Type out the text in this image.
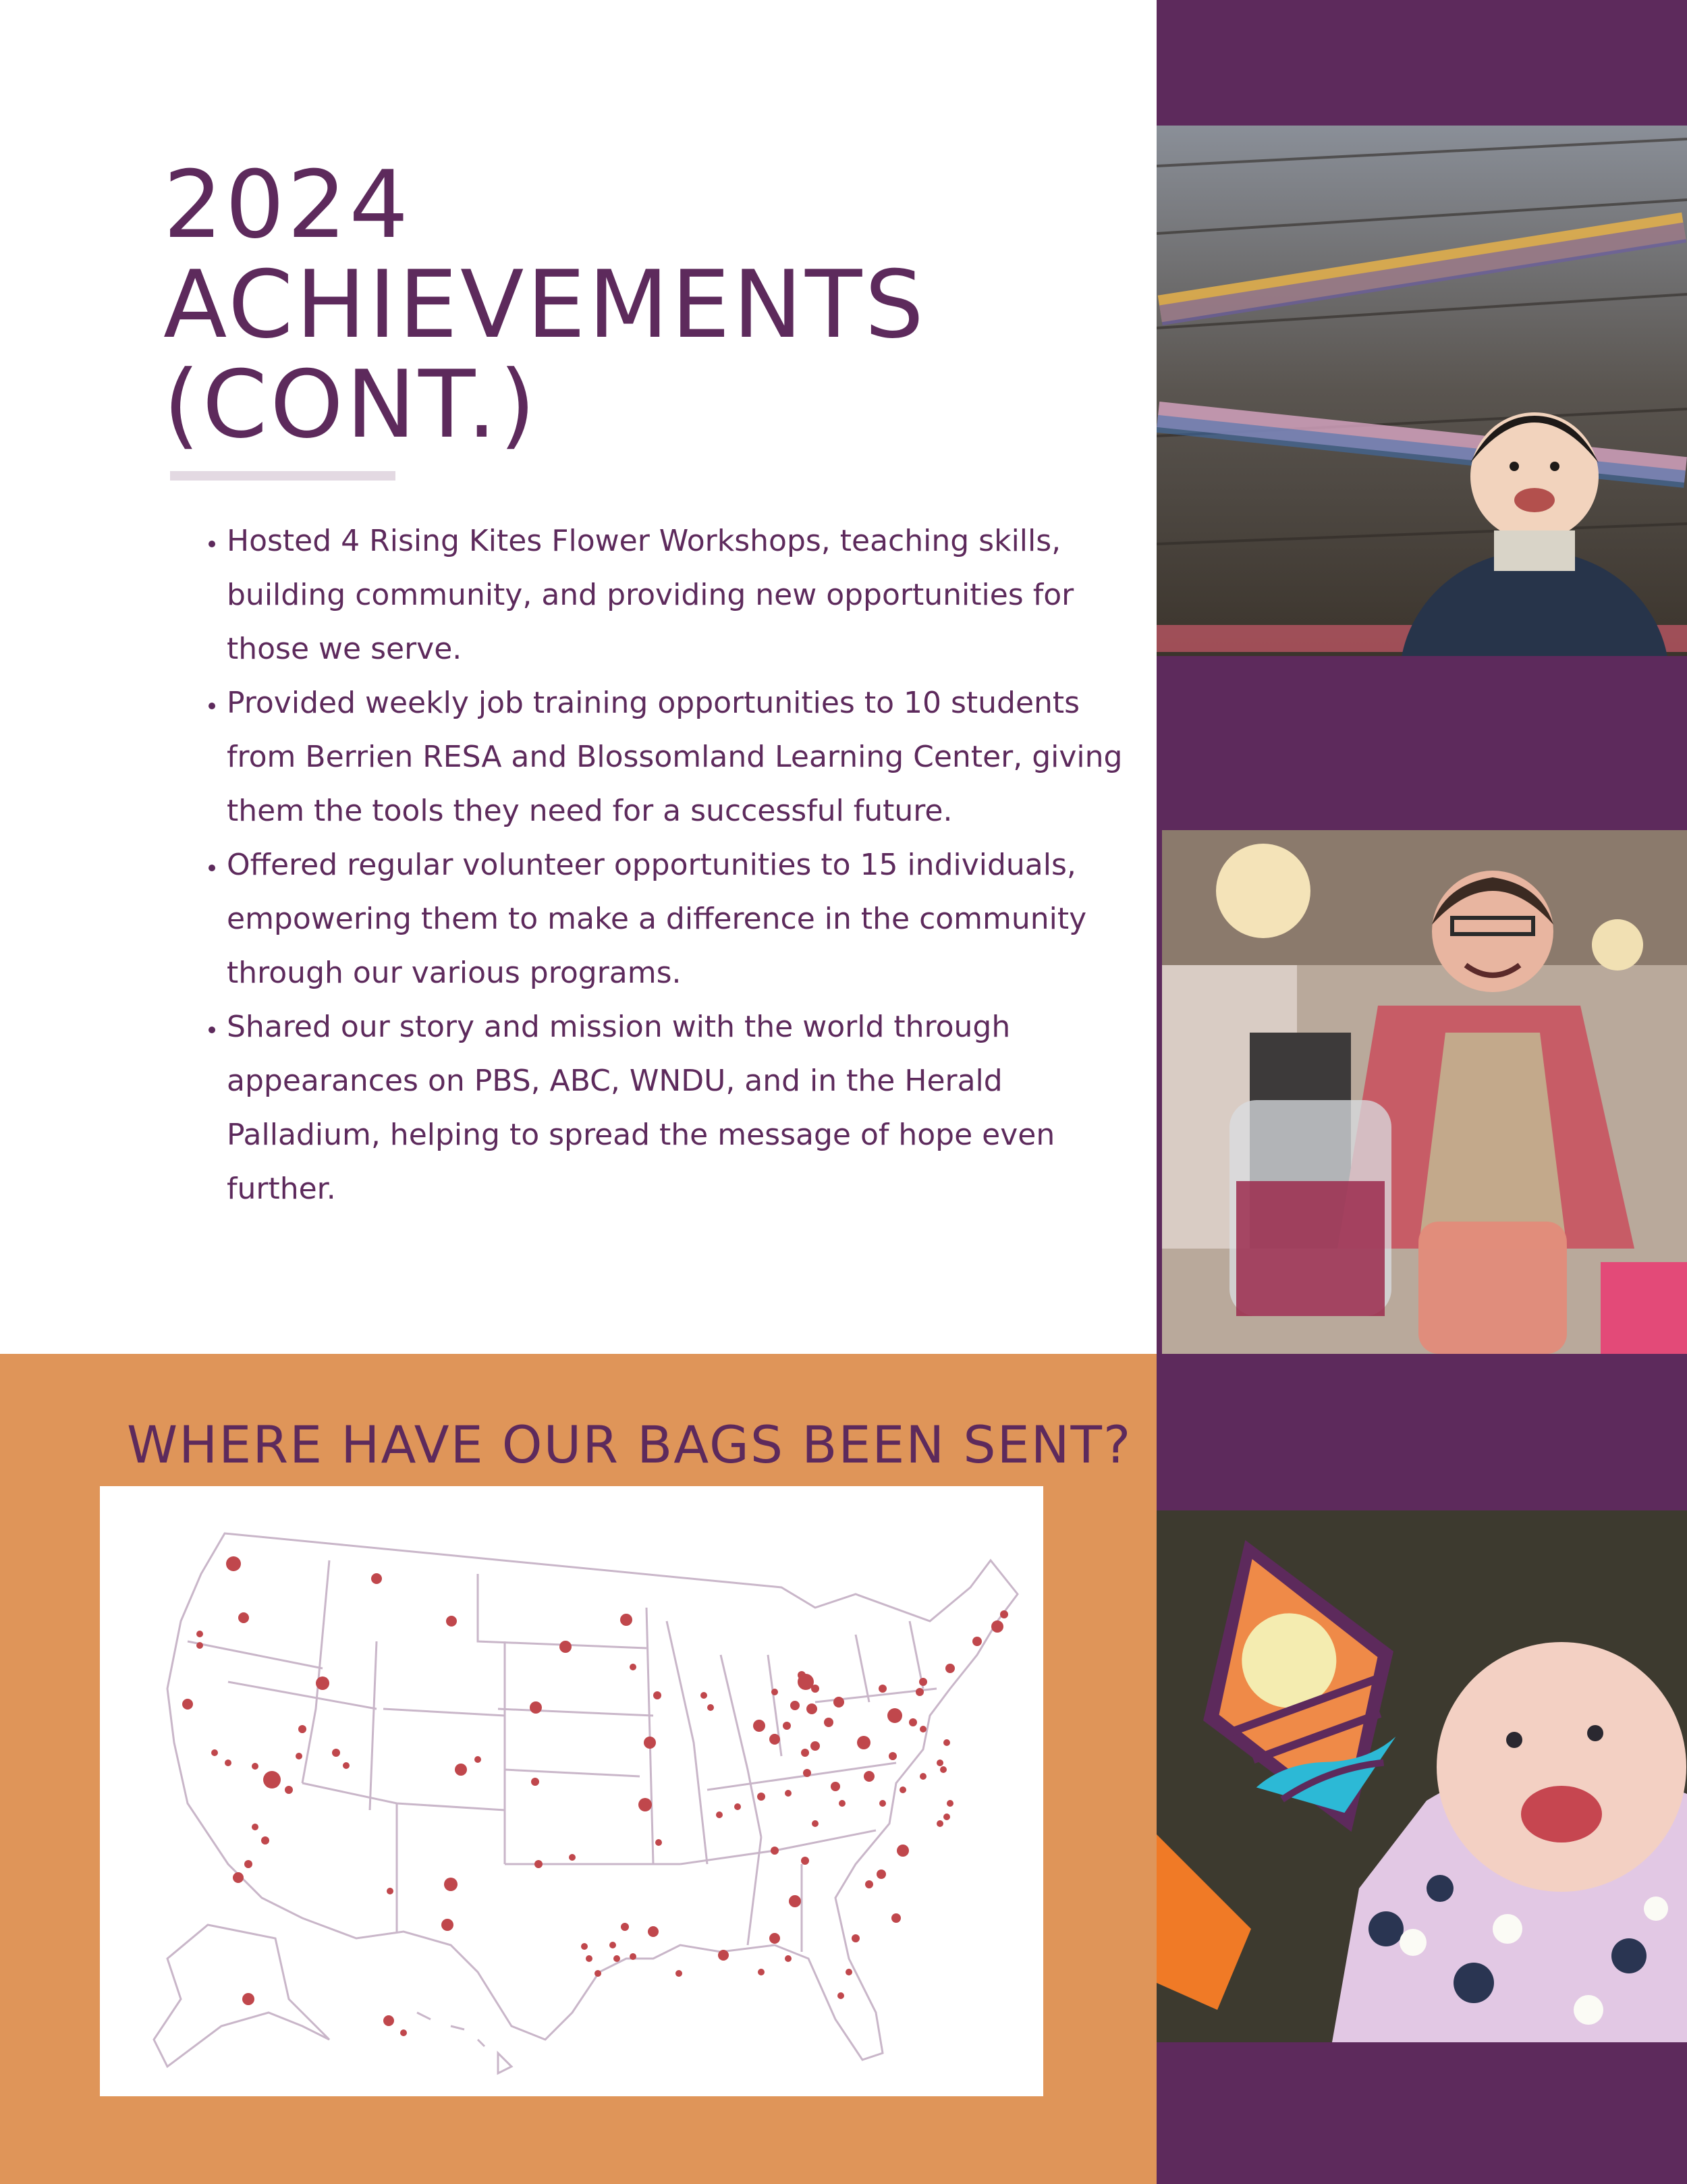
2024 ACHIEVEMENTS
(CONT.)
• Hosted 4 Rising Kites Flower Workshops, teaching skills, building community, and providing new opportunities for those we serve.
• Provided weekly job training opportunities to 10 students from Berrien RESA and Blossomland Learning Center, giving them the tools they need for a successful future.
• Offered regular volunteer opportunities to 15 individuals, empowering them to make a difference in the community through our various programs.
• Shared our story and mission with the world through appearances on PBS, ABC, WNDU, and in the Herald Palladium, helping to spread the message of hope even further.
WHERE HAVE OUR BAGS BEEN SENT?
